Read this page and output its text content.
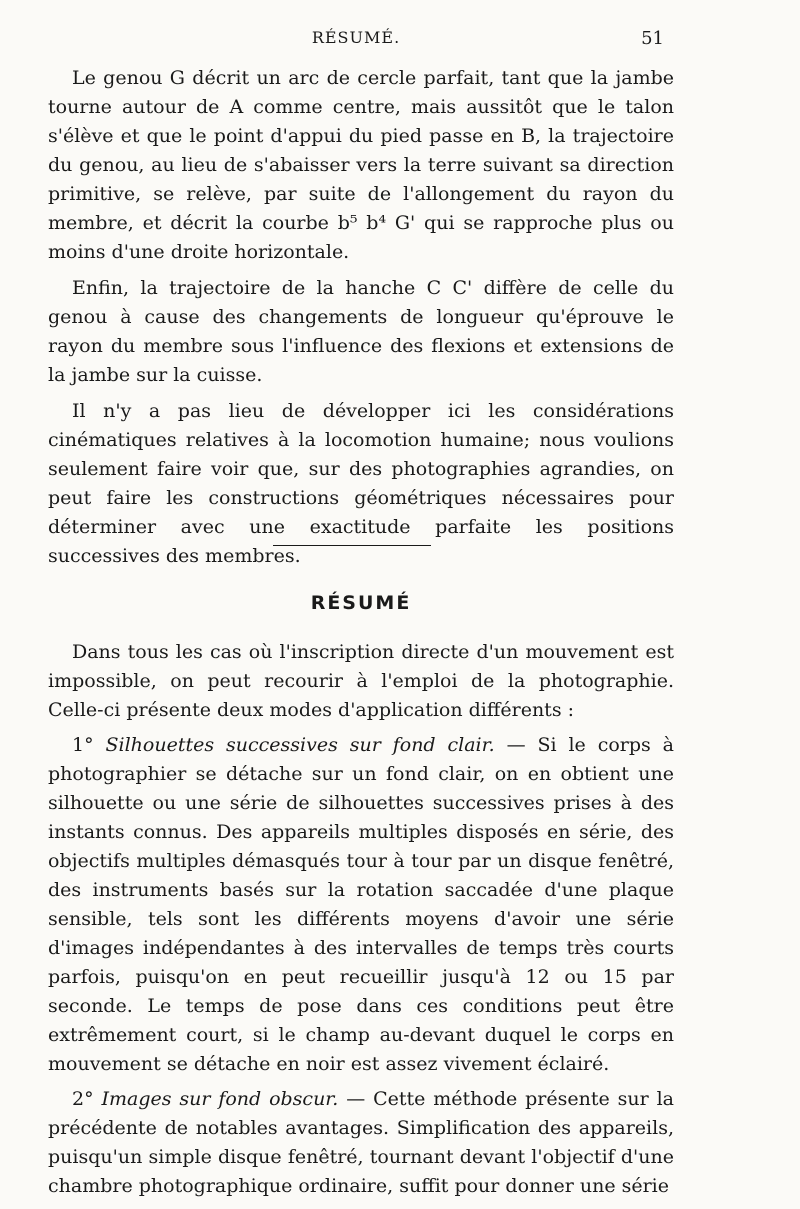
RÉSUMÉ.	51

Le genou G décrit un arc de cercle parfait, tant que la jambe tourne autour de A comme centre, mais aussitôt que le talon s'élève et que le point d'appui du pied passe en B, la trajectoire du genou, au lieu de s'abaisser vers la terre suivant sa direction primitive, se relève, par suite de l'allongement du rayon du membre, et décrit la courbe b⁵ b⁴ G' qui se rapproche plus ou moins d'une droite horizontale.

Enfin, la trajectoire de la hanche C C' diffère de celle du genou à cause des changements de longueur qu'éprouve le rayon du membre sous l'influence des flexions et extensions de la jambe sur la cuisse.

Il n'y a pas lieu de développer ici les considérations cinématiques relatives à la locomotion humaine; nous voulions seulement faire voir que, sur des photographies agrandies, on peut faire les constructions géométriques nécessaires pour déterminer avec une exactitude parfaite les positions successives des membres.

RÉSUMÉ

Dans tous les cas où l'inscription directe d'un mouvement est impossible, on peut recourir à l'emploi de la photographie. Celle-ci présente deux modes d'application différents :

1° Silhouettes successives sur fond clair. — Si le corps à photographier se détache sur un fond clair, on en obtient une silhouette ou une série de silhouettes successives prises à des instants connus. Des appareils multiples disposés en série, des objectifs multiples démasqués tour à tour par un disque fenêtré, des instruments basés sur la rotation saccadée d'une plaque sensible, tels sont les différents moyens d'avoir une série d'images indépendantes à des intervalles de temps très courts parfois, puisqu'on en peut recueillir jusqu'à 12 ou 15 par seconde. Le temps de pose dans ces conditions peut être extrêmement court, si le champ au-devant duquel le corps en mouvement se détache en noir est assez vivement éclairé.

2° Images sur fond obscur. — Cette méthode présente sur la précédente de notables avantages. Simplification des appareils, puisqu'un simple disque fenêtré, tournant devant l'objectif d'une chambre photographique ordinaire, suffit pour donner une série
